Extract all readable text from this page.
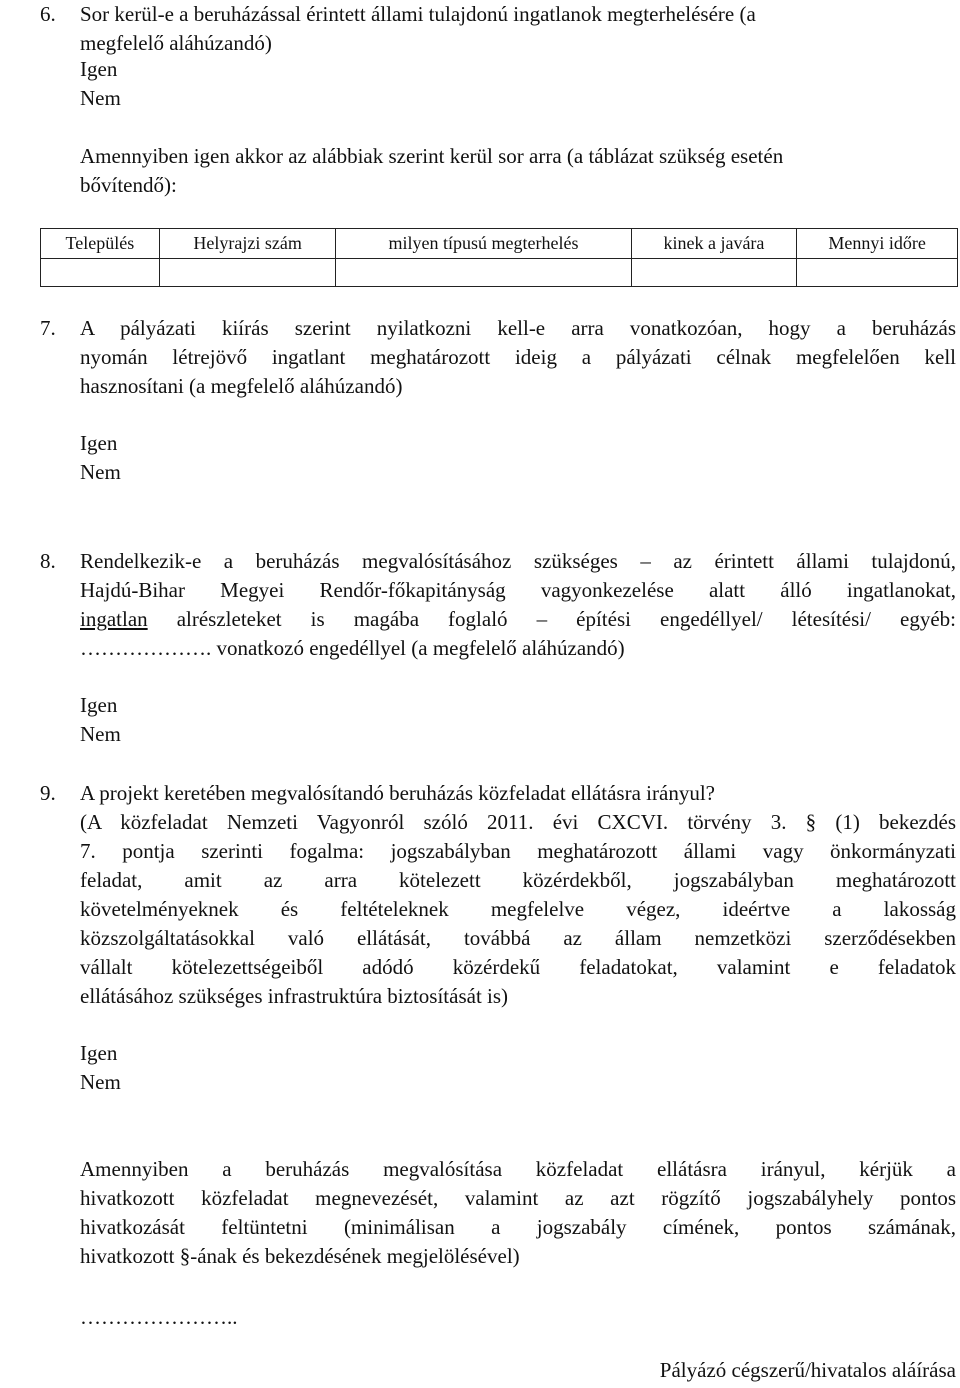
6. Sor kerül-e a beruházással érintett állami tulajdonú ingatlanok megterhelésére (a
megfelelő aláhúzandó)
Igen
Nem
Amennyiben igen akkor az alábbiak szerint kerül sor arra (a táblázat szükség esetén
bővítendő):
Település	Helyrajzi szám	milyen típusú megterhelés	kinek a javára	Mennyi időre

7. A pályázati kiírás szerint nyilatkozni kell-e arra vonatkozóan, hogy a beruházás
nyomán létrejövő ingatlant meghatározott ideig a pályázati célnak megfelelően kell
hasznosítani (a megfelelő aláhúzandó)
Igen
Nem
8. Rendelkezik-e a beruházás megvalósításához szükséges – az érintett állami tulajdonú,
Hajdú-Bihar Megyei Rendőr-főkapitányság vagyonkezelése alatt álló ingatlanokat,
ingatlan alrészleteket is magába foglaló – építési engedéllyel/ létesítési/ egyéb:
………………. vonatkozó engedéllyel (a megfelelő aláhúzandó)
Igen
Nem
9. A projekt keretében megvalósítandó beruházás közfeladat ellátásra irányul?
(A közfeladat Nemzeti Vagyonról szóló 2011. évi CXCVI. törvény 3. § (1) bekezdés
7. pontja szerinti fogalma: jogszabályban meghatározott állami vagy önkormányzati
feladat, amit az arra kötelezett közérdekből, jogszabályban meghatározott
követelményeknek és feltételeknek megfelelve végez, ideértve a lakosság
közszolgáltatásokkal való ellátását, továbbá az állam nemzetközi szerződésekben
vállalt kötelezettségeiből adódó közérdekű feladatokat, valamint e feladatok
ellátásához szükséges infrastruktúra biztosítását is)
Igen
Nem
Amennyiben a beruházás megvalósítása közfeladat ellátásra irányul, kérjük a
hivatkozott közfeladat megnevezését, valamint az azt rögzítő jogszabályhely pontos
hivatkozását feltüntetni (minimálisan a jogszabály címének, pontos számának,
hivatkozott §-ának és bekezdésének megjelölésével)
…………………..
Pályázó cégszerű/hivatalos aláírása
